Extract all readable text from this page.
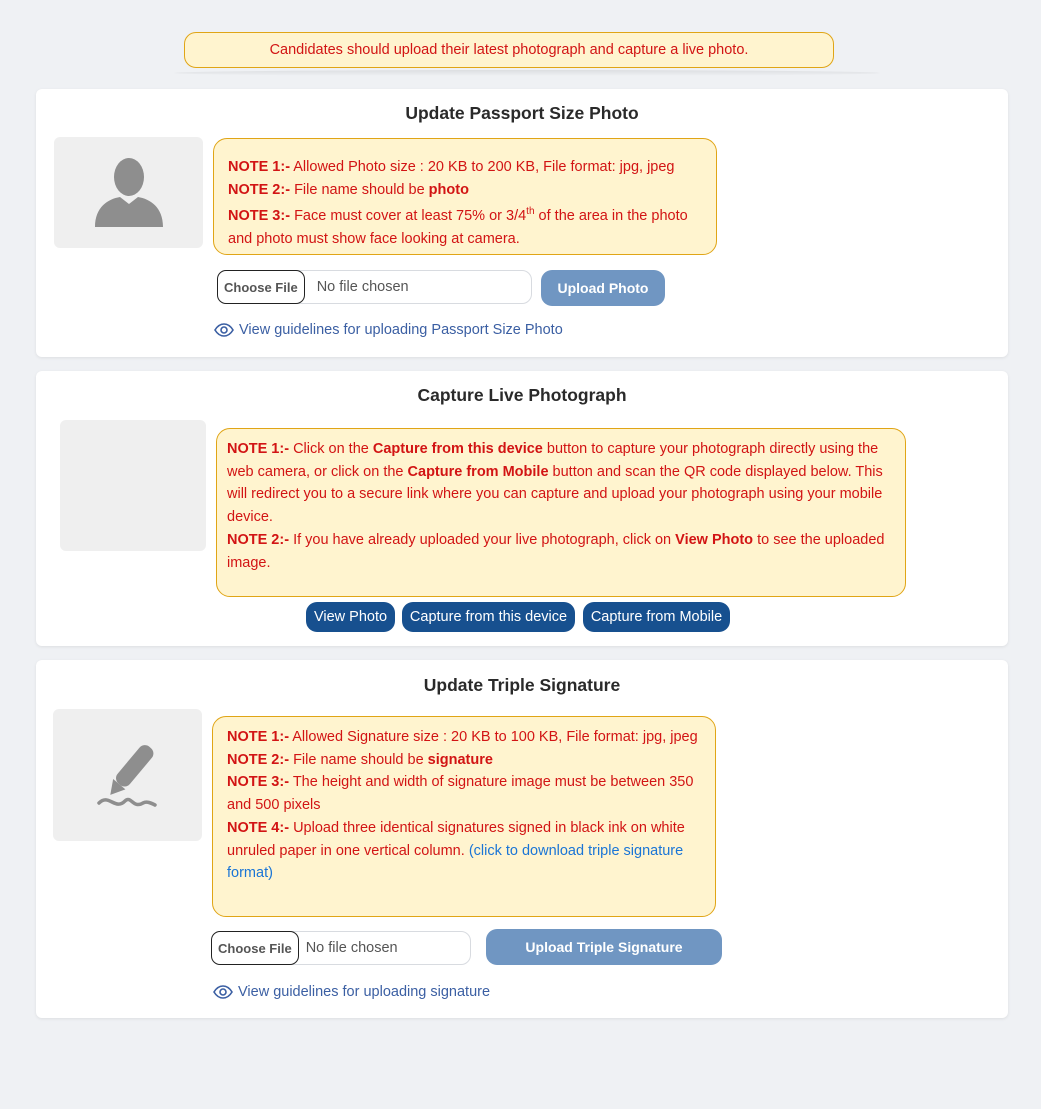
Candidates should upload their latest photograph and capture a live photo.
Update Passport Size Photo
NOTE 1:- Allowed Photo size : 20 KB to 200 KB, File format: jpg, jpeg
NOTE 2:- File name should be photo
NOTE 3:- Face must cover at least 75% or 3/4th of the area in the photo and photo must show face looking at camera.
Choose File	No file chosen	Upload Photo
View guidelines for uploading Passport Size Photo
Capture Live Photograph
NOTE 1:- Click on the Capture from this device button to capture your photograph directly using the web camera, or click on the Capture from Mobile button and scan the QR code displayed below. This will redirect you to a secure link where you can capture and upload your photograph using your mobile device.
NOTE 2:- If you have already uploaded your live photograph, click on View Photo to see the uploaded image.
View Photo	Capture from this device	Capture from Mobile
Update Triple Signature
NOTE 1:- Allowed Signature size : 20 KB to 100 KB, File format: jpg, jpeg
NOTE 2:- File name should be signature
NOTE 3:- The height and width of signature image must be between 350 and 500 pixels
NOTE 4:- Upload three identical signatures signed in black ink on white unruled paper in one vertical column. (click to download triple signature format)
Choose File No file chosen	Upload Triple Signature
View guidelines for uploading signature
